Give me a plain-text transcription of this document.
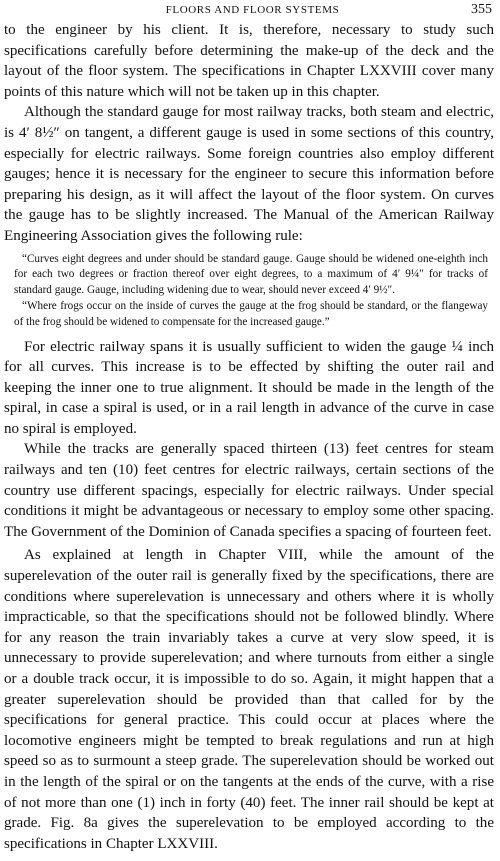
FLOORS AND FLOOR SYSTEMS	355

to the engineer by his client. It is, therefore, necessary to study such specifications carefully before determining the make-up of the deck and the layout of the floor system. The specifications in Chapter LXXVIII cover many points of this nature which will not be taken up in this chapter.

Although the standard gauge for most railway tracks, both steam and electric, is 4′ 8½″ on tangent, a different gauge is used in some sections of this country, especially for electric railways. Some foreign countries also employ different gauges; hence it is necessary for the engineer to secure this information before preparing his design, as it will affect the layout of the floor system. On curves the gauge has to be slightly increased. The Manual of the American Railway Engineering Association gives the following rule:

“Curves eight degrees and under should be standard gauge. Gauge should be widened one-eighth inch for each two degrees or fraction thereof over eight degrees, to a maximum of 4′ 9¼″ for tracks of standard gauge. Gauge, including widening due to wear, should never exceed 4′ 9½″.

“Where frogs occur on the inside of curves the gauge at the frog should be standard, or the flangeway of the frog should be widened to compensate for the increased gauge.”

For electric railway spans it is usually sufficient to widen the gauge ¼ inch for all curves. This increase is to be effected by shifting the outer rail and keeping the inner one to true alignment. It should be made in the length of the spiral, in case a spiral is used, or in a rail length in advance of the curve in case no spiral is employed.

While the tracks are generally spaced thirteen (13) feet centres for steam railways and ten (10) feet centres for electric railways, certain sections of the country use different spacings, especially for electric railways. Under special conditions it might be advantageous or necessary to employ some other spacing. The Government of the Dominion of Canada specifies a spacing of fourteen feet.

As explained at length in Chapter VIII, while the amount of the superelevation of the outer rail is generally fixed by the specifications, there are conditions where superelevation is unnecessary and others where it is wholly impracticable, so that the specifications should not be followed blindly. Where for any reason the train invariably takes a curve at very slow speed, it is unnecessary to provide superelevation; and where turnouts from either a single or a double track occur, it is impossible to do so. Again, it might happen that a greater superelevation should be provided than that called for by the specifications for general practice. This could occur at places where the locomotive engineers might be tempted to break regulations and run at high speed so as to surmount a steep grade. The superelevation should be worked out in the length of the spiral or on the tangents at the ends of the curve, with a rise of not more than one (1) inch in forty (40) feet. The inner rail should be kept at grade. Fig. 8a gives the superelevation to be employed according to the specifications in Chapter LXXVIII.
